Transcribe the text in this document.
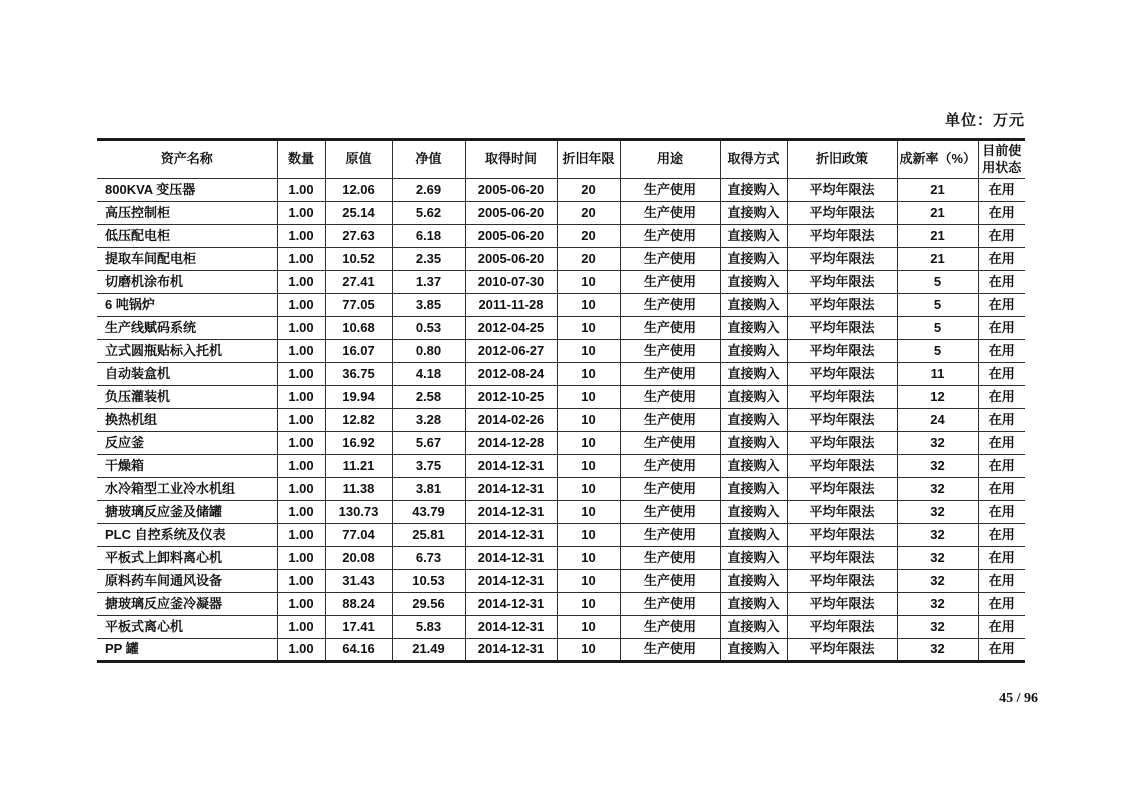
单位：万元
资产名称	数量	原值	净值	取得时间	折旧年限	用途	取得方式	折旧政策	成新率（%）	目前使用状态
800KVA 变压器	1.00	12.06	2.69	2005-06-20	20	生产使用	直接购入	平均年限法	21	在用
高压控制柜	1.00	25.14	5.62	2005-06-20	20	生产使用	直接购入	平均年限法	21	在用
低压配电柜	1.00	27.63	6.18	2005-06-20	20	生产使用	直接购入	平均年限法	21	在用
提取车间配电柜	1.00	10.52	2.35	2005-06-20	20	生产使用	直接购入	平均年限法	21	在用
切磨机涂布机	1.00	27.41	1.37	2010-07-30	10	生产使用	直接购入	平均年限法	5	在用
6 吨锅炉	1.00	77.05	3.85	2011-11-28	10	生产使用	直接购入	平均年限法	5	在用
生产线赋码系统	1.00	10.68	0.53	2012-04-25	10	生产使用	直接购入	平均年限法	5	在用
立式圆瓶贴标入托机	1.00	16.07	0.80	2012-06-27	10	生产使用	直接购入	平均年限法	5	在用
自动装盒机	1.00	36.75	4.18	2012-08-24	10	生产使用	直接购入	平均年限法	11	在用
负压灌装机	1.00	19.94	2.58	2012-10-25	10	生产使用	直接购入	平均年限法	12	在用
换热机组	1.00	12.82	3.28	2014-02-26	10	生产使用	直接购入	平均年限法	24	在用
反应釜	1.00	16.92	5.67	2014-12-28	10	生产使用	直接购入	平均年限法	32	在用
干燥箱	1.00	11.21	3.75	2014-12-31	10	生产使用	直接购入	平均年限法	32	在用
水冷箱型工业冷水机组	1.00	11.38	3.81	2014-12-31	10	生产使用	直接购入	平均年限法	32	在用
搪玻璃反应釜及储罐	1.00	130.73	43.79	2014-12-31	10	生产使用	直接购入	平均年限法	32	在用
PLC 自控系统及仪表	1.00	77.04	25.81	2014-12-31	10	生产使用	直接购入	平均年限法	32	在用
平板式上卸料离心机	1.00	20.08	6.73	2014-12-31	10	生产使用	直接购入	平均年限法	32	在用
原料药车间通风设备	1.00	31.43	10.53	2014-12-31	10	生产使用	直接购入	平均年限法	32	在用
搪玻璃反应釜冷凝器	1.00	88.24	29.56	2014-12-31	10	生产使用	直接购入	平均年限法	32	在用
平板式离心机	1.00	17.41	5.83	2014-12-31	10	生产使用	直接购入	平均年限法	32	在用
PP 罐	1.00	64.16	21.49	2014-12-31	10	生产使用	直接购入	平均年限法	32	在用
45 / 96
